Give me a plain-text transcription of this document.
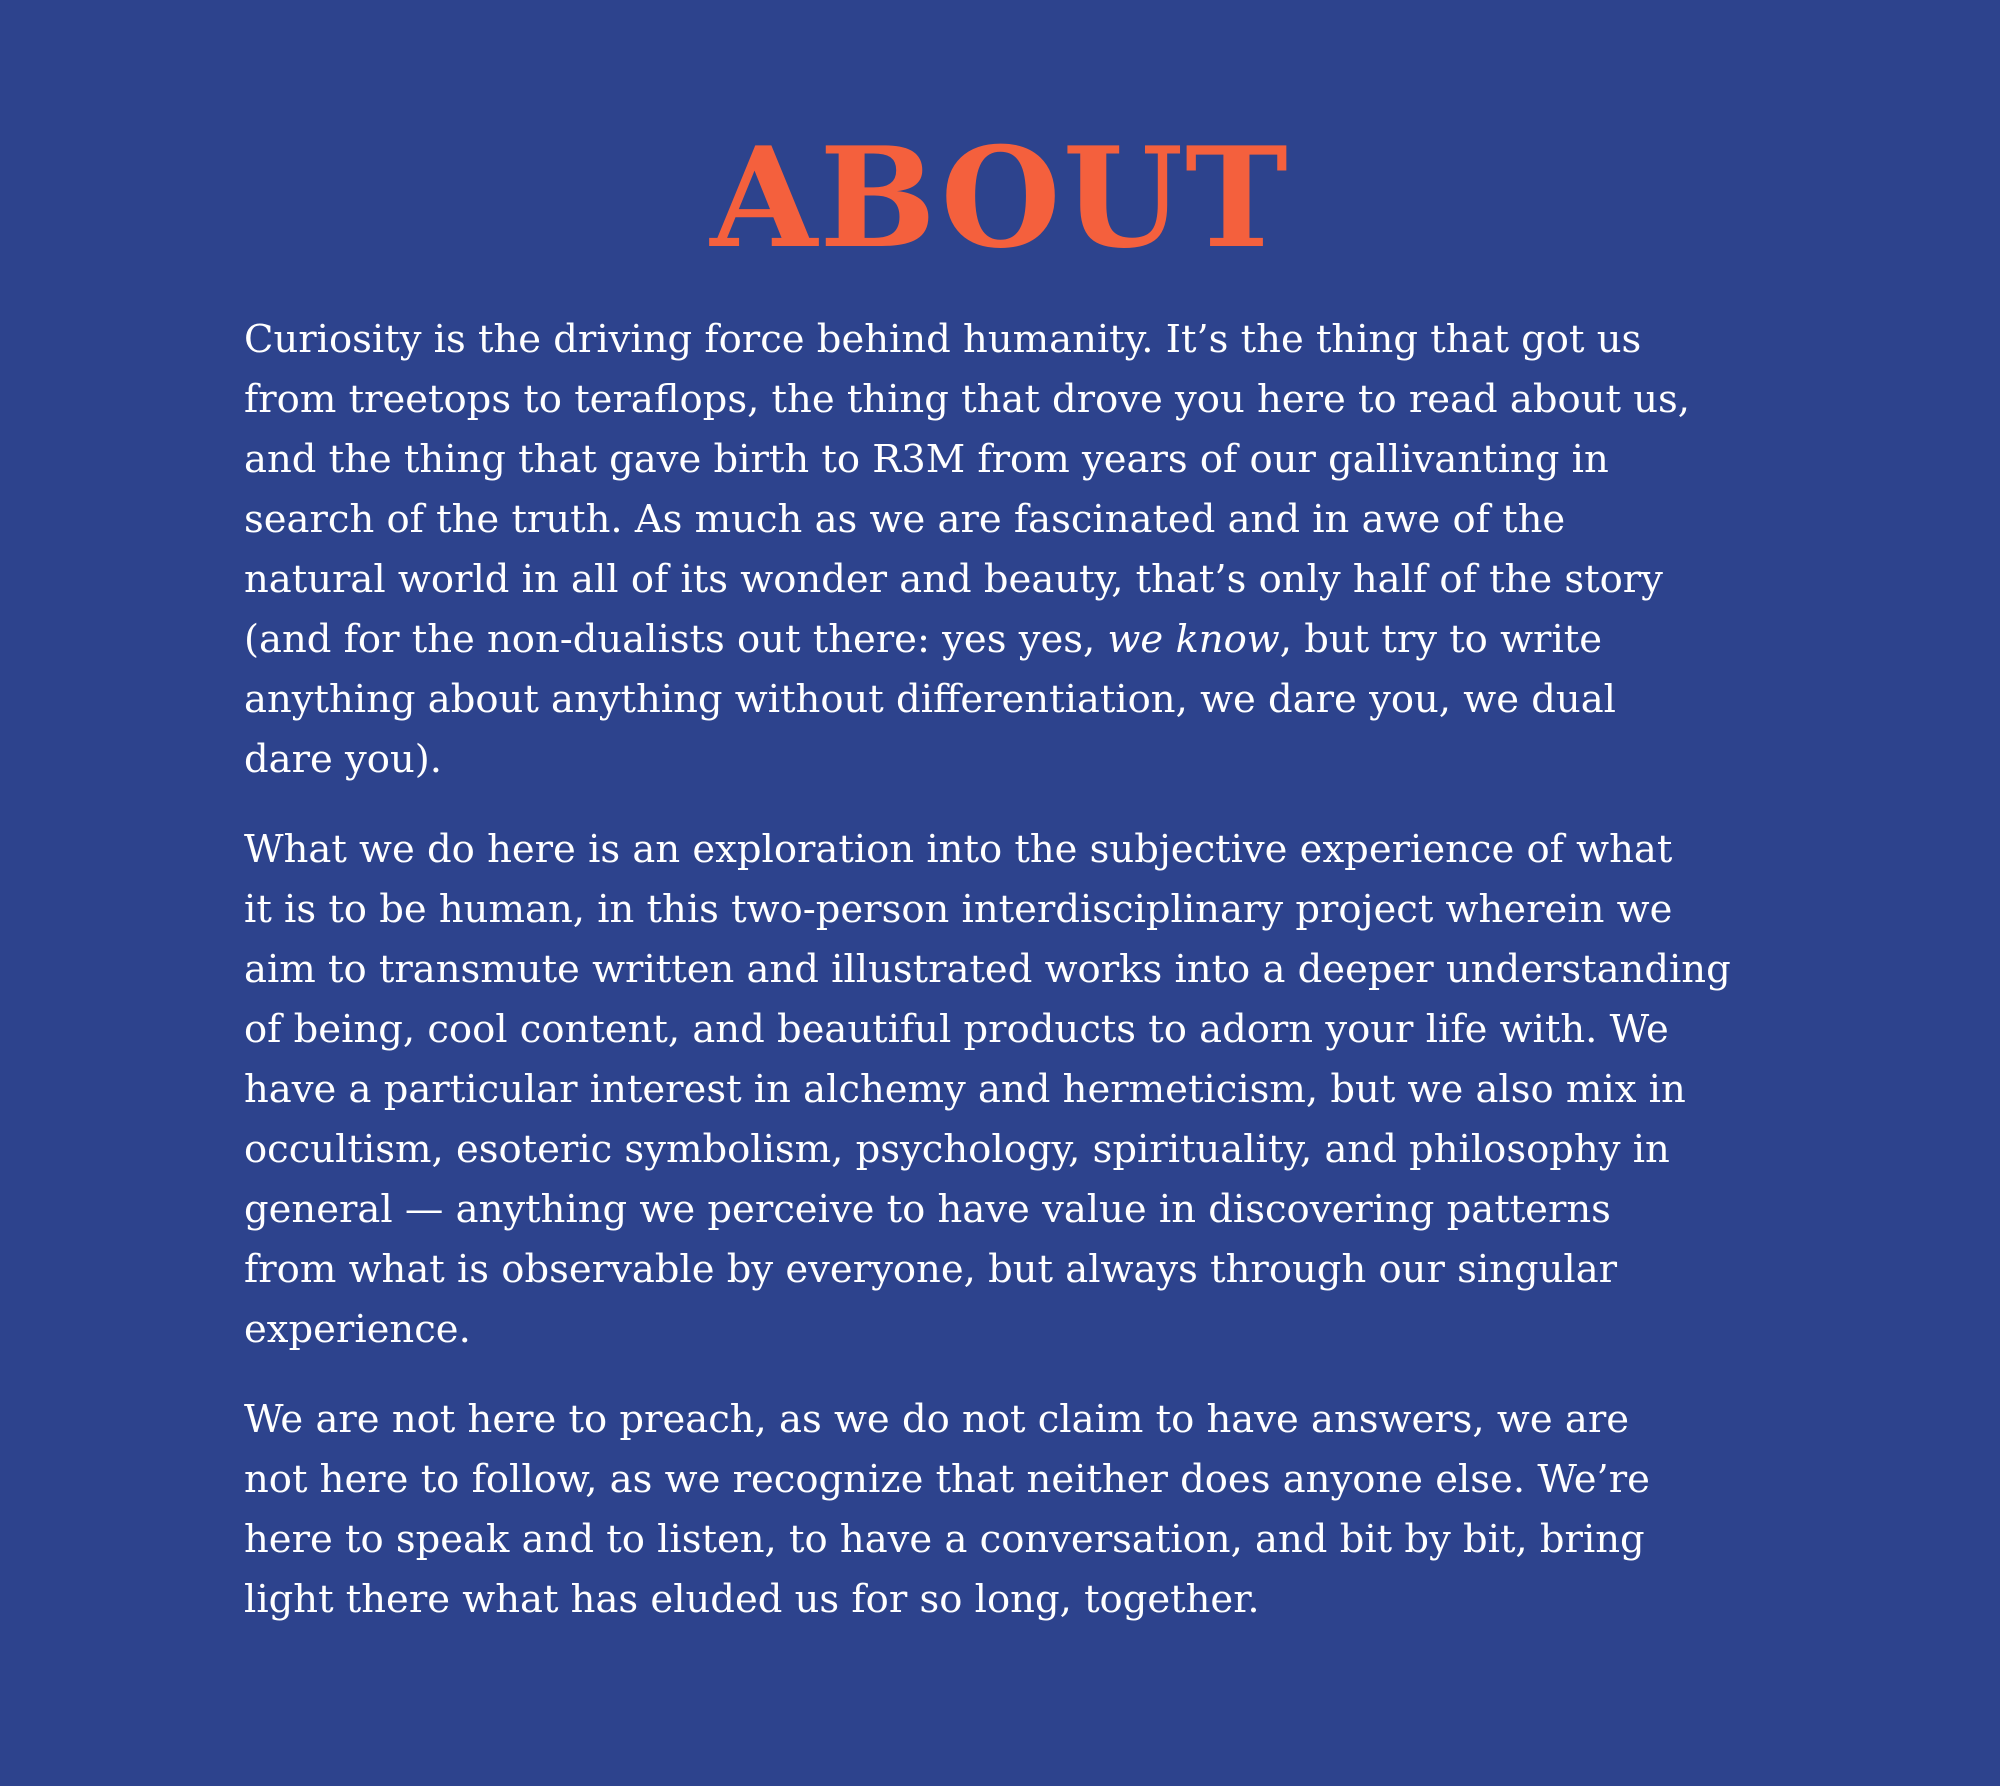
ABOUT

Curiosity is the driving force behind humanity. It’s the thing that got us
from treetops to teraflops, the thing that drove you here to read about us,
and the thing that gave birth to R3M from years of our gallivanting in
search of the truth. As much as we are fascinated and in awe of the
natural world in all of its wonder and beauty, that’s only half of the story
(and for the non-dualists out there: yes yes, we know, but try to write
anything about anything without differentiation, we dare you, we dual
dare you).

What we do here is an exploration into the subjective experience of what
it is to be human, in this two-person interdisciplinary project wherein we
aim to transmute written and illustrated works into a deeper understanding
of being, cool content, and beautiful products to adorn your life with. We
have a particular interest in alchemy and hermeticism, but we also mix in
occultism, esoteric symbolism, psychology, spirituality, and philosophy in
general — anything we perceive to have value in discovering patterns
from what is observable by everyone, but always through our singular
experience.

We are not here to preach, as we do not claim to have answers, we are
not here to follow, as we recognize that neither does anyone else. We’re
here to speak and to listen, to have a conversation, and bit by bit, bring
light there what has eluded us for so long, together.
